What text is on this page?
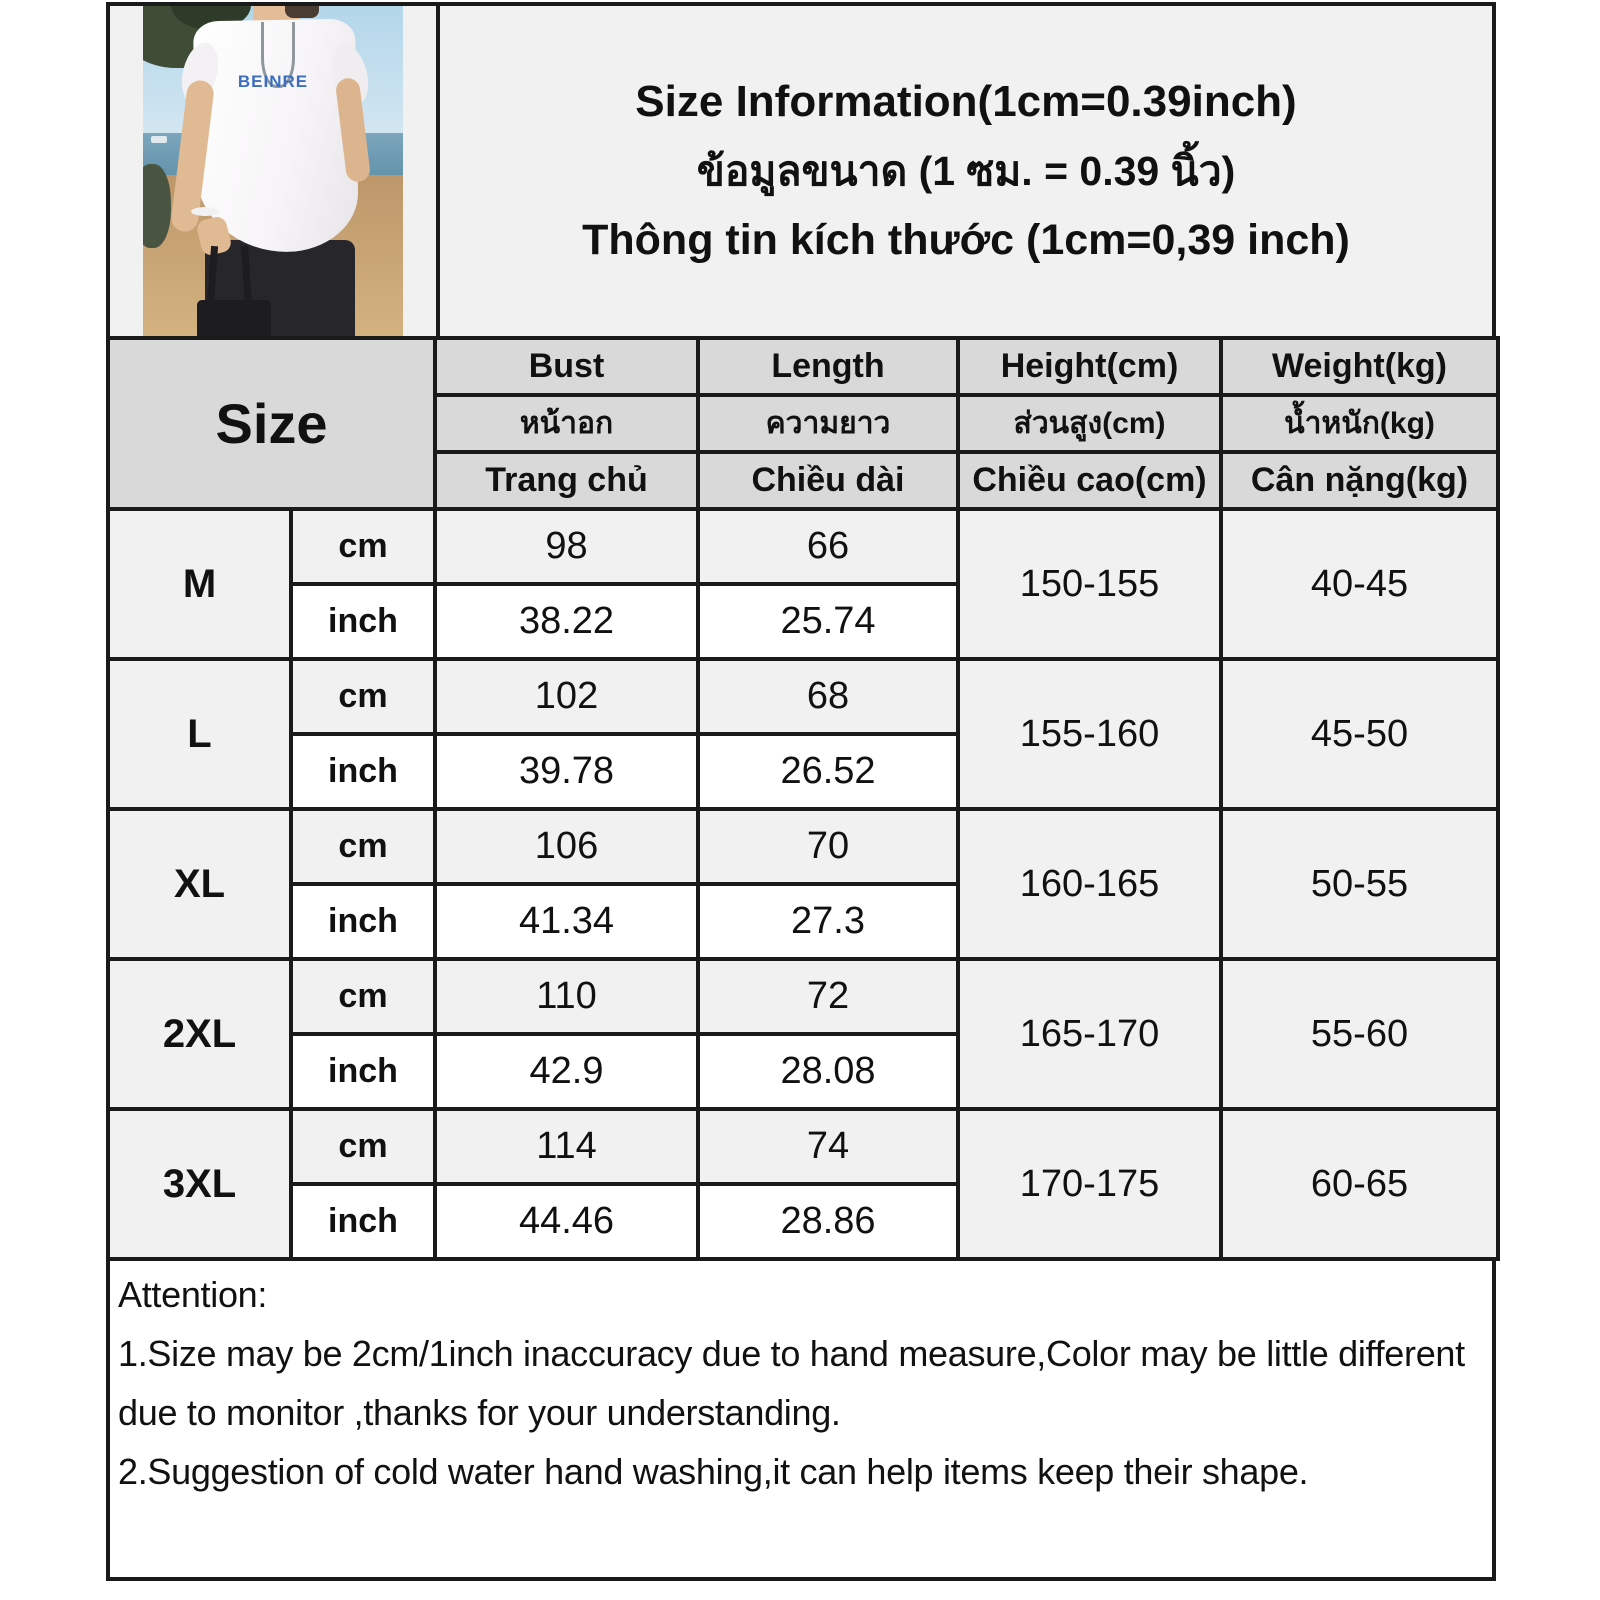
BEINRE	Size Information(1cm=0.39inch)
ข้อมูลขนาด (1 ซม. = 0.39 นิ้ว)
Thông tin kích thước (1cm=0,39 inch)
Size		Bust	Length	Height(cm)	Weight(kg)
		หน้าอก	ความยาว	ส่วนสูง(cm)	น้ำหนัก(kg)
		Trang chủ	Chiều dài	Chiều cao(cm)	Cân nặng(kg)
M	cm	98	66	150-155	40-45
	inch	38.22	25.74		
L	cm	102	68	155-160	45-50
	inch	39.78	26.52		
XL	cm	106	70	160-165	50-55
	inch	41.34	27.3		
2XL	cm	110	72	165-170	55-60
	inch	42.9	28.08		
3XL	cm	114	74	170-175	60-65
	inch	44.46	28.86		
Attention:
1.Size may be 2cm/1inch inaccuracy due to hand measure,Color may be little different
due to monitor ,thanks for your understanding.
2.Suggestion of cold water hand washing,it can help items keep their shape.
